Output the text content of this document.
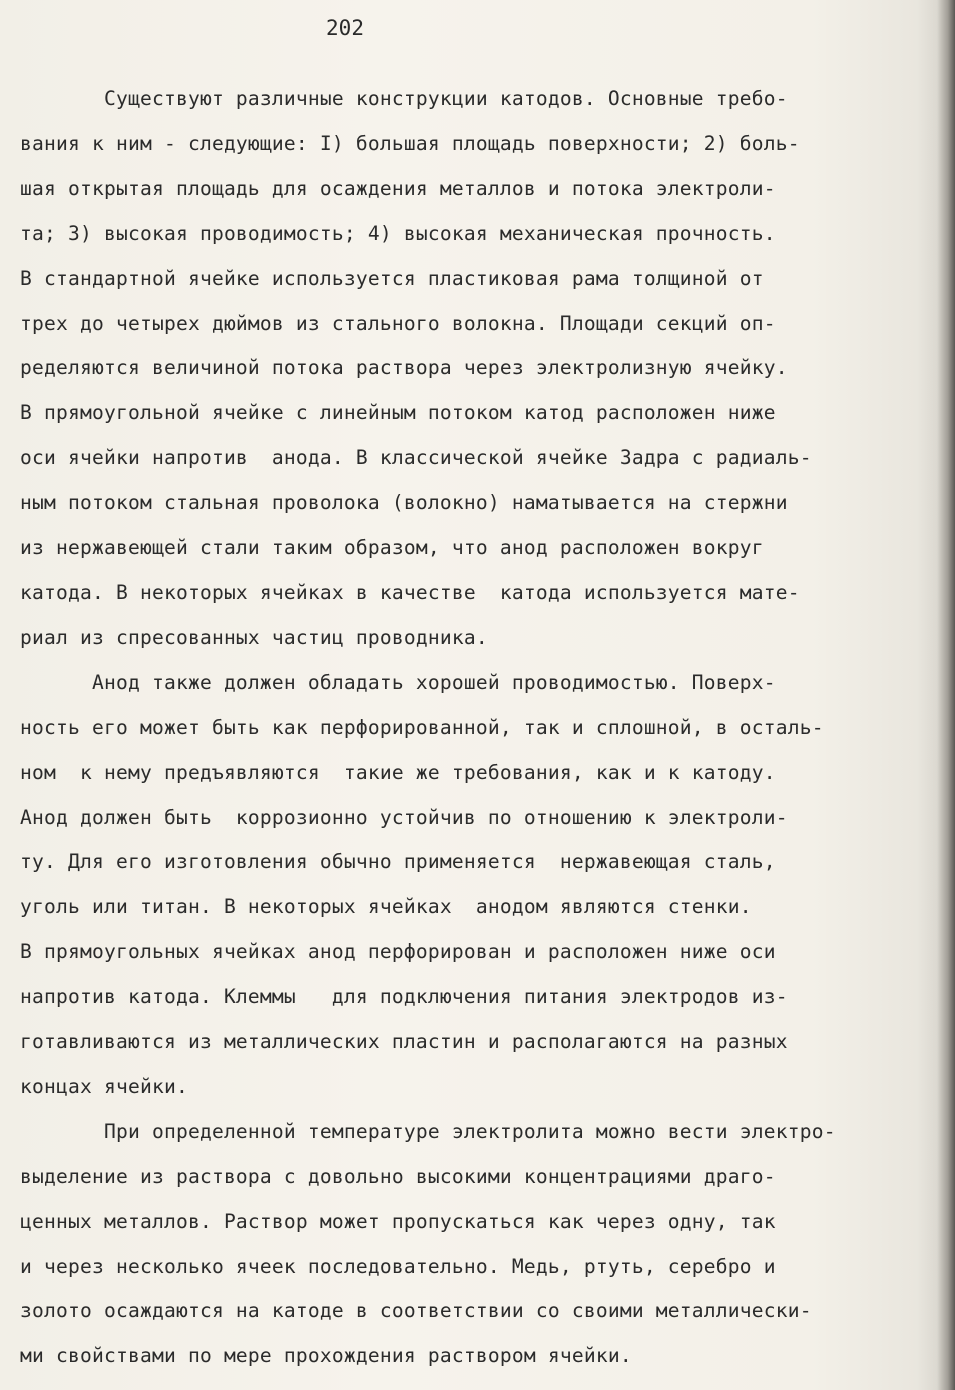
202
Существуют различные конструкции катодов. Основные требо-
вания к ним - следующие: I) большая площадь поверхности; 2) боль-
шая открытая площадь для осаждения металлов и потока электроли-
та; 3) высокая проводимость; 4) высокая механическая прочность.
В стандартной ячейке используется пластиковая рама толщиной от
трех до четырех дюймов из стального волокна. Площади секций оп-
ределяются величиной потока раствора через электролизную ячейку.
В прямоугольной ячейке с линейным потоком катод расположен ниже
оси ячейки напротив  анода. В классической ячейке Задра с радиаль-
ным потоком стальная проволока (волокно) наматывается на стержни
из нержавеющей стали таким образом, что анод расположен вокруг
катода. В некоторых ячейках в качестве  катода используется мате-
риал из спресованных частиц проводника.
Анод также должен обладать хорошей проводимостью. Поверх-
ность его может быть как перфорированной, так и сплошной, в осталь-
ном  к нему предъявляются  такие же требования, как и к катоду.
Анод должен быть  коррозионно устойчив по отношению к электроли-
ту. Для его изготовления обычно применяется  нержавеющая сталь,
уголь или титан. В некоторых ячейках  анодом являются стенки.
В прямоугольных ячейках анод перфорирован и расположен ниже оси
напротив катода. Клеммы   для подключения питания электродов из-
готавливаются из металлических пластин и располагаются на разных
концах ячейки.
При определенной температуре электролита можно вести электро-
выделение из раствора с довольно высокими концентрациями драго-
ценных металлов. Раствор может пропускаться как через одну, так
и через несколько ячеек последовательно. Медь, ртуть, серебро и
золото осаждаются на катоде в соответствии со своими металлически-
ми свойствами по мере прохождения раствором ячейки.
